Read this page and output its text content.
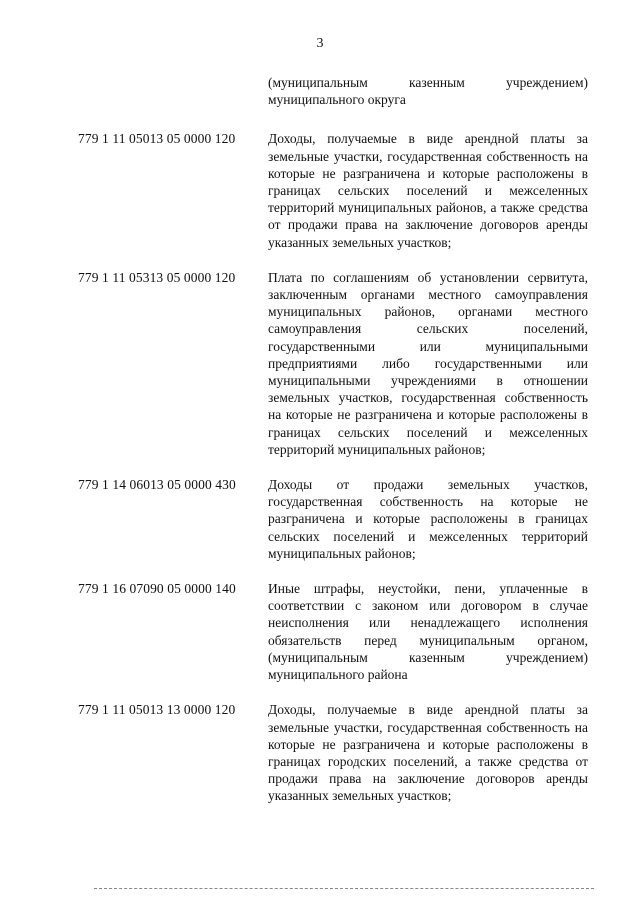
3
(муниципальным казенным учреждением) муниципального округа
779 1 11 05013 05 0000 120 Доходы, получаемые в виде арендной платы за земельные участки, государственная собственность на которые не разграничена и которые расположены в границах сельских поселений и межселенных территорий муниципальных районов, а также средства от продажи права на заключение договоров аренды указанных земельных участков;
779 1 11 05313 05 0000 120 Плата по соглашениям об установлении сервитута, заключенным органами местного самоуправления муниципальных районов, органами местного самоуправления сельских поселений, государственными или муниципальными предприятиями либо государственными или муниципальными учреждениями в отношении земельных участков, государственная собственность на которые не разграничена и которые расположены в границах сельских поселений и межселенных территорий муниципальных районов;
779 1 14 06013 05 0000 430 Доходы от продажи земельных участков, государственная собственность на которые не разграничена и которые расположены в границах сельских поселений и межселенных территорий муниципальных районов;
779 1 16 07090 05 0000 140 Иные штрафы, неустойки, пени, уплаченные в соответствии с законом или договором в случае неисполнения или ненадлежащего исполнения обязательств перед муниципальным органом, (муниципальным казенным учреждением) муниципального района
779 1 11 05013 13 0000 120 Доходы, получаемые в виде арендной платы за земельные участки, государственная собственность на которые не разграничена и которые расположены в границах городских поселений, а также средства от продажи права на заключение договоров аренды указанных земельных участков;
